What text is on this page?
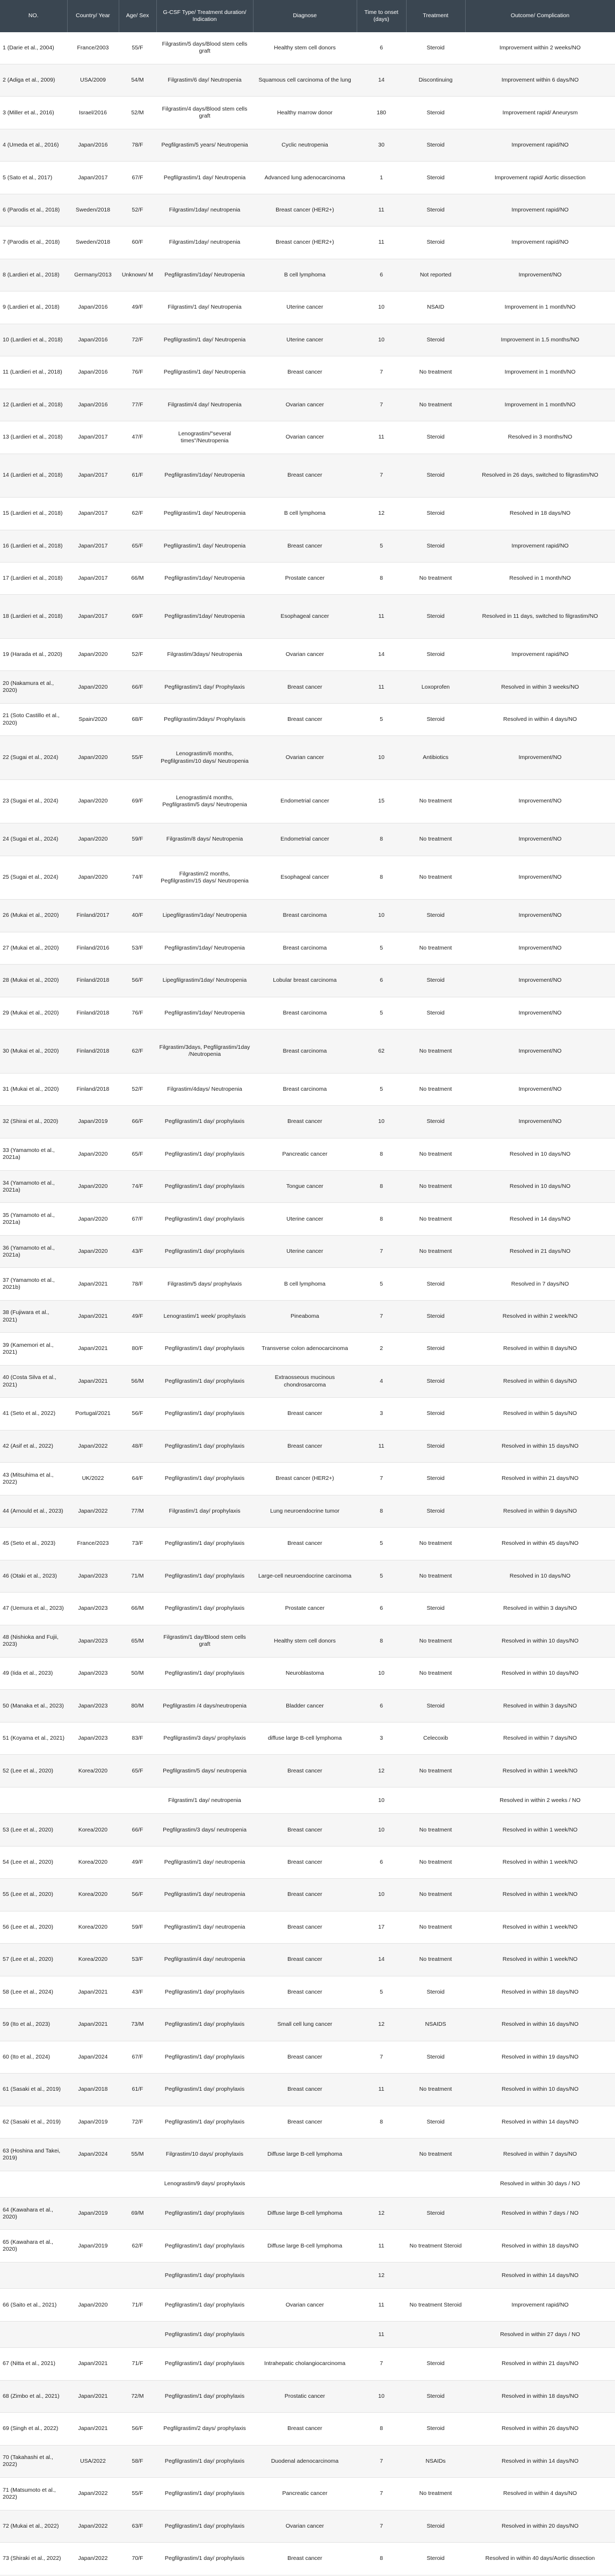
NO.	Country/ Year	Age/ Sex	G-CSF Type/ Treatment duration/ Indication	Diagnose	Time to onset (days)	Treatment	Outcome/ Complication
1 (Darie et al., 2004)	France/2003	55/F	Filgrastim/5 days/Blood stem cells graft	Healthy stem cell donors	6	Steroid	Improvement within 2 weeks/NO
2 (Adiga et al., 2009)	USA/2009	54/M	Filgrastim/6 day/ Neutropenia	Squamous cell carcinoma of the lung	14	Discontinuing	Improvement within 6 days/NO
3 (Miller et al., 2016)	Israel/2016	52/M	Filgrastim/4 days/Blood stem cells graft	Healthy marrow donor	180	Steroid	Improvement rapid/ Aneurysm
4 (Umeda et al., 2016)	Japan/2016	78/F	Pegfilgrastim/5 years/ Neutropenia	Cyclic neutropenia	30	Steroid	Improvement rapid/NO
5 (Sato et al., 2017)	Japan/2017	67/F	Pegfilgrastim/1 day/ Neutropenia	Advanced lung adenocarcinoma	1	Steroid	Improvement rapid/ Aortic dissection
6 (Parodis et al., 2018)	Sweden/2018	52/F	Filgrastim/1day/ neutropenia	Breast cancer (HER2+)	11	Steroid	Improvement rapid/NO
7 (Parodis et al., 2018)	Sweden/2018	60/F	Filgrastim/1day/ neutropenia	Breast cancer (HER2+)	11	Steroid	Improvement rapid/NO
8 (Lardieri et al., 2018)	Germany/2013	Unknown/ M	Pegfilgrastim/1day/ Neutropenia	B cell lymphoma	6	Not reported	Improvement/NO
9 (Lardieri et al., 2018)	Japan/2016	49/F	Filgrastim/1 day/ Neutropenia	Uterine cancer	10	NSAID	Improvement in 1 month/NO
10 (Lardieri et al., 2018)	Japan/2016	72/F	Pegfilgrastim/1 day/ Neutropenia	Uterine cancer	10	Steroid	Improvement in 1.5 months/NO
11 (Lardieri et al., 2018)	Japan/2016	76/F	Pegfilgrastim/1 day/ Neutropenia	Breast cancer	7	No treatment	Improvement in 1 month/NO
12 (Lardieri et al., 2018)	Japan/2016	77/F	Filgrastim/4 day/ Neutropenia	Ovarian cancer	7	No treatment	Improvement in 1 month/NO
13 (Lardieri et al., 2018)	Japan/2017	47/F	Lenograstim/"several times"/Neutropenia	Ovarian cancer	11	Steroid	Resolved in 3 months/NO
14 (Lardieri et al., 2018)	Japan/2017	61/F	Pegfilgrastim/1day/ Neutropenia	Breast cancer	7	Steroid	Resolved in 26 days, switched to filgrastim/NO
15 (Lardieri et al., 2018)	Japan/2017	62/F	Pegfilgrastim/1 day/ Neutropenia	B cell lymphoma	12	Steroid	Resolved in 18 days/NO
16 (Lardieri et al., 2018)	Japan/2017	65/F	Pegfilgrastim/1 day/ Neutropenia	Breast cancer	5	Steroid	Improvement rapid/NO
17 (Lardieri et al., 2018)	Japan/2017	66/M	Pegfilgrastim/1day/ Neutropenia	Prostate cancer	8	No treatment	Resolved in 1 month/NO
18 (Lardieri et al., 2018)	Japan/2017	69/F	Pegfilgrastim/1day/ Neutropenia	Esophageal cancer	11	Steroid	Resolved in 11 days, switched to filgrastim/NO
19 (Harada et al., 2020)	Japan/2020	52/F	Filgrastim/3days/ Neutropenia	Ovarian cancer	14	Steroid	Improvement rapid/NO
20 (Nakamura et al., 2020)	Japan/2020	66/F	Pegfilgrastim/1 day/ Prophylaxis	Breast cancer	11	Loxoprofen	Resolved in within 3 weeks/NO
21 (Soto Castillo et al., 2020)	Spain/2020	68/F	Pegfilgrastim/3days/ Prophylaxis	Breast cancer	5	Steroid	Resolved in within 4 days/NO
22 (Sugai et al., 2024)	Japan/2020	55/F	Lenograstim/6 months, Pegfilgrastim/10 days/ Neutropenia	Ovarian cancer	10	Antibiotics	Improvement/NO
23 (Sugai et al., 2024)	Japan/2020	69/F	Lenograstim/4 months, Pegfilgrastim/5 days/ Neutropenia	Endometrial cancer	15	No treatment	Improvement/NO
24 (Sugai et al., 2024)	Japan/2020	59/F	Filgrastim/8 days/ Neutropenia	Endometrial cancer	8	No treatment	Improvement/NO
25 (Sugai et al., 2024)	Japan/2020	74/F	Filgrastim/2 months, Pegfilgrastim/15 days/ Neutropenia	Esophageal cancer	8	No treatment	Improvement/NO
26 (Mukai et al., 2020)	Finland/2017	40/F	Lipegfilgrastim/1day/ Neutropenia	Breast carcinoma	10	Steroid	Improvement/NO
27 (Mukai et al., 2020)	Finland/2016	53/F	Pegfilgrastim/1day/ Neutropenia	Breast carcinoma	5	No treatment	Improvement/NO
28 (Mukai et al., 2020)	Finland/2018	56/F	Lipegfilgrastim/1day/ Neutropenia	Lobular breast carcinoma	6	Steroid	Improvement/NO
29 (Mukai et al., 2020)	Finland/2018	76/F	Pegfilgrastim/1day/ Neutropenia	Breast carcinoma	5	Steroid	Improvement/NO
30 (Mukai et al., 2020)	Finland/2018	62/F	Filgrastim/3days, Pegfilgrastim/1day /Neutropenia	Breast carcinoma	62	No treatment	Improvement/NO
31 (Mukai et al., 2020)	Finland/2018	52/F	Filgrastim/4days/ Neutropenia	Breast carcinoma	5	No treatment	Improvement/NO
32 (Shirai et al., 2020)	Japan/2019	66/F	Pegfilgrastim/1 day/ prophylaxis	Breast cancer	10	Steroid	Improvement/NO
33 (Yamamoto et al., 2021a)	Japan/2020	65/F	Pegfilgrastim/1 day/ prophylaxis	Pancreatic cancer	8	No treatment	Resolved in 10 days/NO
34 (Yamamoto et al., 2021a)	Japan/2020	74/F	Pegfilgrastim/1 day/ prophylaxis	Tongue cancer	8	No treatment	Resolved in 10 days/NO
35 (Yamamoto et al., 2021a)	Japan/2020	67/F	Pegfilgrastim/1 day/ prophylaxis	Uterine cancer	8	No treatment	Resolved in 14 days/NO
36 (Yamamoto et al., 2021a)	Japan/2020	43/F	Pegfilgrastim/1 day/ prophylaxis	Uterine cancer	7	No treatment	Resolved in 21 days/NO
37 (Yamamoto et al., 2021b)	Japan/2021	78/F	Filgrastim/5 days/ prophylaxis	B cell lymphoma	5	Steroid	Resolved in 7 days/NO
38 (Fujiwara et al., 2021)	Japan/2021	49/F	Lenograstim/1 week/ prophylaxis	Pineaboma	7	Steroid	Resolved in within 2 week/NO
39 (Kamemori et al., 2021)	Japan/2021	80/F	Pegfilgrastim/1 day/ prophylaxis	Transverse colon adenocarcinoma	2	Steroid	Resolved in within 8 days/NO
40 (Costa Silva et al., 2021)	Japan/2021	56/M	Pegfilgrastim/1 day/ prophylaxis	Extraosseous mucinous chondrosarcoma	4	Steroid	Resolved in within 6 days/NO
41 (Seto et al., 2022)	Portugal/2021	56/F	Pegfilgrastim/1 day/ prophylaxis	Breast cancer	3	Steroid	Resolved in within 5 days/NO
42 (Asif et al., 2022)	Japan/2022	48/F	Pegfilgrastim/1 day/ prophylaxis	Breast cancer	11	Steroid	Resolved in within 15 days/NO
43 (Mitsuhima et al., 2022)	UK/2022	64/F	Pegfilgrastim/1 day/ prophylaxis	Breast cancer (HER2+)	7	Steroid	Resolved in within 21 days/NO
44 (Arnould et al., 2023)	Japan/2022	77/M	Filgrastim/1 day/ prophylaxis	Lung neuroendocrine tumor	8	Steroid	Resolved in within 9 days/NO
45 (Seto et al., 2023)	France/2023	73/F	Pegfilgrastim/1 day/ prophylaxis	Breast cancer	5	No treatment	Resolved in within 45 days/NO
46 (Otaki et al., 2023)	Japan/2023	71/M	Pegfilgrastim/1 day/ prophylaxis	Large-cell neuroendocrine carcinoma	5	No treatment	Resolved in 10 days/NO
47 (Uemura et al., 2023)	Japan/2023	66/M	Pegfilgrastim/1 day/ prophylaxis	Prostate cancer	6	Steroid	Resolved in within 3 days/NO
48 (Nishioka and Fujii, 2023)	Japan/2023	65/M	Filgrastim/1 day/Blood stem cells graft	Healthy stem cell donors	8	No treatment	Resolved in within 10 days/NO
49 (Iida et al., 2023)	Japan/2023	50/M	Pegfilgrastim/1 day/ prophylaxis	Neuroblastoma	10	No treatment	Resolved in within 10 days/NO
50 (Manaka et al., 2023)	Japan/2023	80/M	Pegfilgrastim /4 days/neutropenia	Bladder cancer	6	Steroid	Resolved in within 3 days/NO
51 (Koyama et al., 2021)	Japan/2023	83/F	Pegfilgrastim/3 days/ prophylaxis	diffuse large B-cell lymphoma	3	Celecoxib	Resolved in within 7 days/NO
52 (Lee et al., 2020)	Korea/2020	65/F	Pegfilgrastim/5 days/ neutropenia	Breast cancer	12	No treatment	Resolved in within 1 week/NO
			Filgrastim/1 day/ neutropenia		10		Resolved in within 2 weeks / NO
53 (Lee et al., 2020)	Korea/2020	66/F	Pegfilgrastim/3 days/ neutropenia	Breast cancer	10	No treatment	Resolved in within 1 week/NO
54 (Lee et al., 2020)	Korea/2020	49/F	Pegfilgrastim/1 day/ neutropenia	Breast cancer	6	No treatment	Resolved in within 1 week/NO
55 (Lee et al., 2020)	Korea/2020	56/F	Pegfilgrastim/1 day/ neutropenia	Breast cancer	10	No treatment	Resolved in within 1 week/NO
56 (Lee et al., 2020)	Korea/2020	59/F	Pegfilgrastim/1 day/ neutropenia	Breast cancer	17	No treatment	Resolved in within 1 week/NO
57 (Lee et al., 2020)	Korea/2020	53/F	Pegfilgrastim/4 day/ neutropenia	Breast cancer	14	No treatment	Resolved in within 1 week/NO
58 (Lee et al., 2024)	Japan/2021	43/F	Pegfilgrastim/1 day/ prophylaxis	Breast cancer	5	Steroid	Resolved in within 18 days/NO
59 (Ito et al., 2023)	Japan/2021	73/M	Pegfilgrastim/1 day/ prophylaxis	Small cell lung cancer	12	NSAIDS	Resolved in within 16 days/NO
60 (Ito et al., 2024)	Japan/2024	67/F	Pegfilgrastim/1 day/ prophylaxis	Breast cancer	7	Steroid	Resolved in within 19 days/NO
61 (Sasaki et al., 2019)	Japan/2018	61/F	Pegfilgrastim/1 day/ prophylaxis	Breast cancer	11	No treatment	Resolved in within 10 days/NO
62 (Sasaki et al., 2019)	Japan/2019	72/F	Pegfilgrastim/1 day/ prophylaxis	Breast cancer	8	Steroid	Resolved in within 14 days/NO
63 (Hoshina and Takei, 2019)	Japan/2024	55/M	Filgrastim/10 days/ prophylaxis	Diffuse large B-cell lymphoma		No treatment	Resolved in within 7 days/NO
			Lenograstim/9 days/ prophylaxis				Resolved in within 30 days / NO
64 (Kawahara et al., 2020)	Japan/2019	69/M	Pegfilgrastim/1 day/ prophylaxis	Diffuse large B-cell lymphoma	12	Steroid	Resolved in within 7 days / NO
65 (Kawahara et al., 2020)	Japan/2019	62/F	Pegfilgrastim/1 day/ prophylaxis	Diffuse large B-cell lymphoma	11	No treatment Steroid	Resolved in within 18 days/NO
			Pegfilgrastim/1 day/ prophylaxis		12		Resolved in within 14 days/NO
66 (Saito et al., 2021)	Japan/2020	71/F	Pegfilgrastim/1 day/ prophylaxis	Ovarian cancer	11	No treatment Steroid	Improvement rapid/NO
			Pegfilgrastim/1 day/ prophylaxis		11		Resolved in within 27 days / NO
67 (Nitta et al., 2021)	Japan/2021	71/F	Pegfilgrastim/1 day/ prophylaxis	Intrahepatic cholangiocarcinoma	7	Steroid	Resolved in within 21 days/NO
68 (Zimbo et al., 2021)	Japan/2021	72/M	Pegfilgrastim/1 day/ prophylaxis	Prostatic cancer	10	Steroid	Resolved in within 18 days/NO
69 (Singh et al., 2022)	Japan/2021	56/F	Pegfilgrastim/2 days/ prophylaxis	Breast cancer	8	Steroid	Resolved in within 26 days/NO
70 (Takahashi et al., 2022)	USA/2022	58/F	Pegfilgrastim/1 day/ prophylaxis	Duodenal adenocarcinoma	7	NSAIDs	Resolved in within 14 days/NO
71 (Matsumoto et al., 2022)	Japan/2022	55/F	Pegfilgrastim/1 day/ prophylaxis	Pancreatic cancer	7	No treatment	Resolved in within 4 days/NO
72 (Mukai et al., 2022)	Japan/2022	63/F	Pegfilgrastim/1 day/ prophylaxis	Ovarian cancer	7	Steroid	Resolved in within 20 days/NO
73 (Shiraki et al., 2022)	Japan/2022	70/F	Pegfilgrastim/1 day/ prophylaxis	Breast cancer	8	Steroid	Resolved in within 40 days/Aortic dissection
